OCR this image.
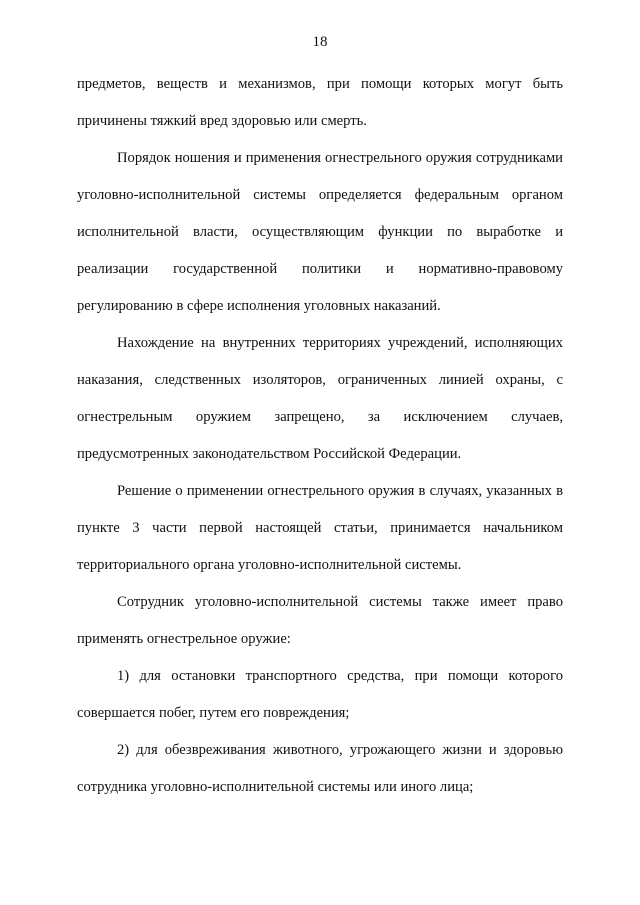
18

предметов, веществ и механизмов, при помощи которых могут быть причинены тяжкий вред здоровью или смерть.

Порядок ношения и применения огнестрельного оружия сотрудниками уголовно-исполнительной системы определяется федеральным органом исполнительной власти, осуществляющим функции по выработке и реализации государственной политики и нормативно-правовому регулированию в сфере исполнения уголовных наказаний.

Нахождение на внутренних территориях учреждений, исполняющих наказания, следственных изоляторов, ограниченных линией охраны, с огнестрельным оружием запрещено, за исключением случаев, предусмотренных законодательством Российской Федерации.

Решение о применении огнестрельного оружия в случаях, указанных в пункте 3 части первой настоящей статьи, принимается начальником территориального органа уголовно-исполнительной системы.

Сотрудник уголовно-исполнительной системы также имеет право применять огнестрельное оружие:

1) для остановки транспортного средства, при помощи которого совершается побег, путем его повреждения;

2) для обезвреживания животного, угрожающего жизни и здоровью сотрудника уголовно-исполнительной системы или иного лица;
